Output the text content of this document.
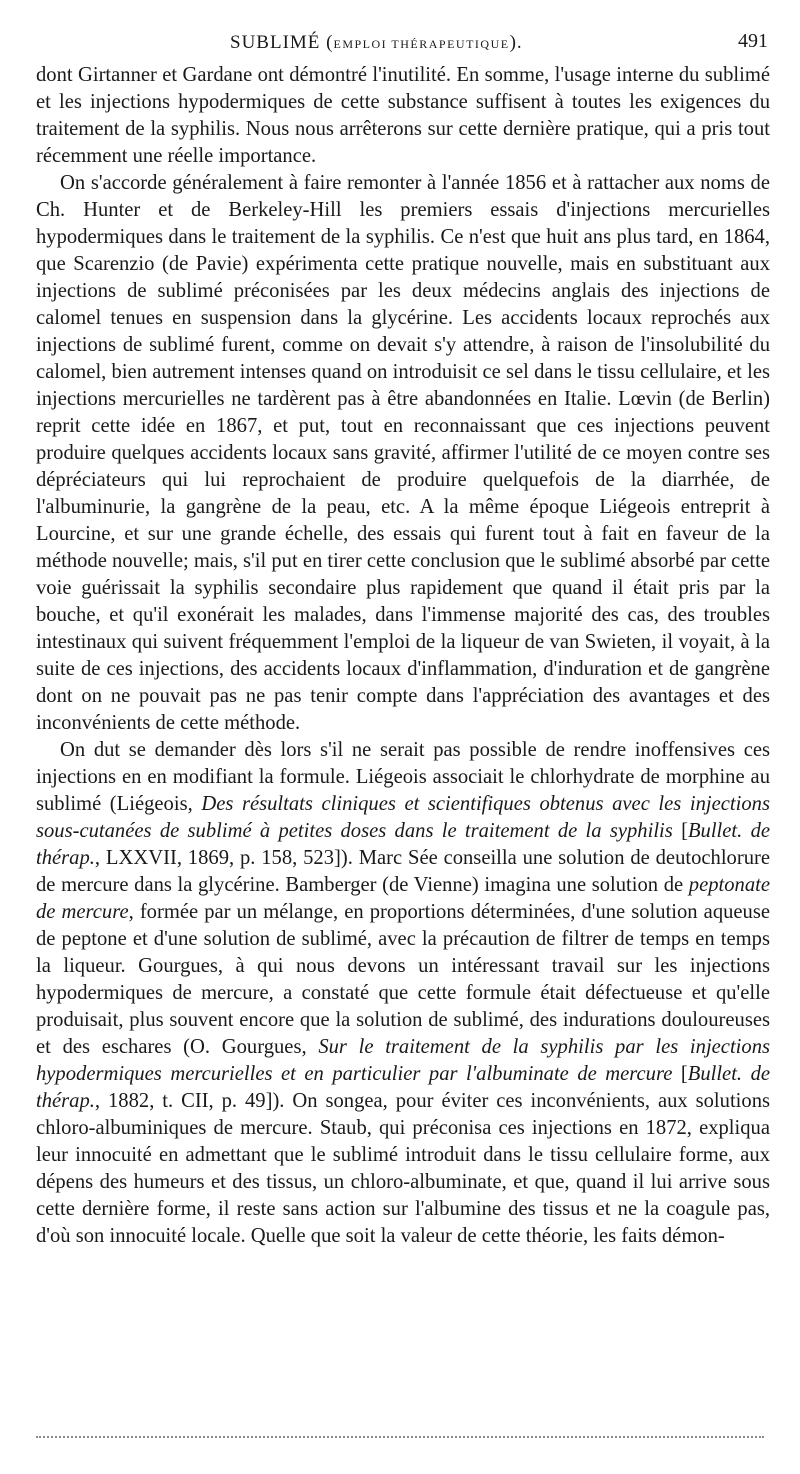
SUBLIMÉ (EMPLOI THÉRAPEUTIQUE).	491

dont Girtanner et Gardane ont démontré l'inutilité. En somme, l'usage interne du sublimé et les injections hypodermiques de cette substance suffisent à toutes les exigences du traitement de la syphilis. Nous nous arrêterons sur cette dernière pratique, qui a pris tout récemment une réelle importance.

On s'accorde généralement à faire remonter à l'année 1856 et à rattacher aux noms de Ch. Hunter et de Berkeley-Hill les premiers essais d'injections mercurielles hypodermiques dans le traitement de la syphilis. Ce n'est que huit ans plus tard, en 1864, que Scarenzio (de Pavie) expérimenta cette pratique nouvelle, mais en substituant aux injections de sublimé préconisées par les deux médecins anglais des injections de calomel tenues en suspension dans la glycérine. Les accidents locaux reprochés aux injections de sublimé furent, comme on devait s'y attendre, à raison de l'insolubilité du calomel, bien autrement intenses quand on introduisit ce sel dans le tissu cellulaire, et les injections mercurielles ne tardèrent pas à être abandonnées en Italie. Lœvin (de Berlin) reprit cette idée en 1867, et put, tout en reconnaissant que ces injections peuvent produire quelques accidents locaux sans gravité, affirmer l'utilité de ce moyen contre ses dépréciateurs qui lui reprochaient de produire quelquefois de la diarrhée, de l'albuminurie, la gangrène de la peau, etc. A la même époque Liégeois entreprit à Lourcine, et sur une grande échelle, des essais qui furent tout à fait en faveur de la méthode nouvelle; mais, s'il put en tirer cette conclusion que le sublimé absorbé par cette voie guérissait la syphilis secondaire plus rapidement que quand il était pris par la bouche, et qu'il exonérait les malades, dans l'immense majorité des cas, des troubles intestinaux qui suivent fréquemment l'emploi de la liqueur de van Swieten, il voyait, à la suite de ces injections, des accidents locaux d'inflammation, d'induration et de gangrène dont on ne pouvait pas ne pas tenir compte dans l'appréciation des avantages et des inconvénients de cette méthode.

On dut se demander dès lors s'il ne serait pas possible de rendre inoffensives ces injections en en modifiant la formule. Liégeois associait le chlorhydrate de morphine au sublimé (Liégeois, Des résultats cliniques et scientifiques obtenus avec les injections sous-cutanées de sublimé à petites doses dans le traitement de la syphilis [Bullet. de thérap., LXXVII, 1869, p. 158, 523]). Marc Sée conseilla une solution de deutochlorure de mercure dans la glycérine. Bamberger (de Vienne) imagina une solution de peptonate de mercure, formée par un mélange, en proportions déterminées, d'une solution aqueuse de peptone et d'une solution de sublimé, avec la précaution de filtrer de temps en temps la liqueur. Gourgues, à qui nous devons un intéressant travail sur les injections hypodermiques de mercure, a constaté que cette formule était défectueuse et qu'elle produisait, plus souvent encore que la solution de sublimé, des indurations douloureuses et des eschares (O. Gourgues, Sur le traitement de la syphilis par les injections hypodermiques mercurielles et en particulier par l'albuminate de mercure [Bullet. de thérap., 1882, t. CII, p. 49]). On songea, pour éviter ces inconvénients, aux solutions chloro-albuminiques de mercure. Staub, qui préconisa ces injections en 1872, expliqua leur innocuité en admettant que le sublimé introduit dans le tissu cellulaire forme, aux dépens des humeurs et des tissus, un chloro-albuminate, et que, quand il lui arrive sous cette dernière forme, il reste sans action sur l'albumine des tissus et ne la coagule pas, d'où son innocuité locale. Quelle que soit la valeur de cette théorie, les faits démon-
